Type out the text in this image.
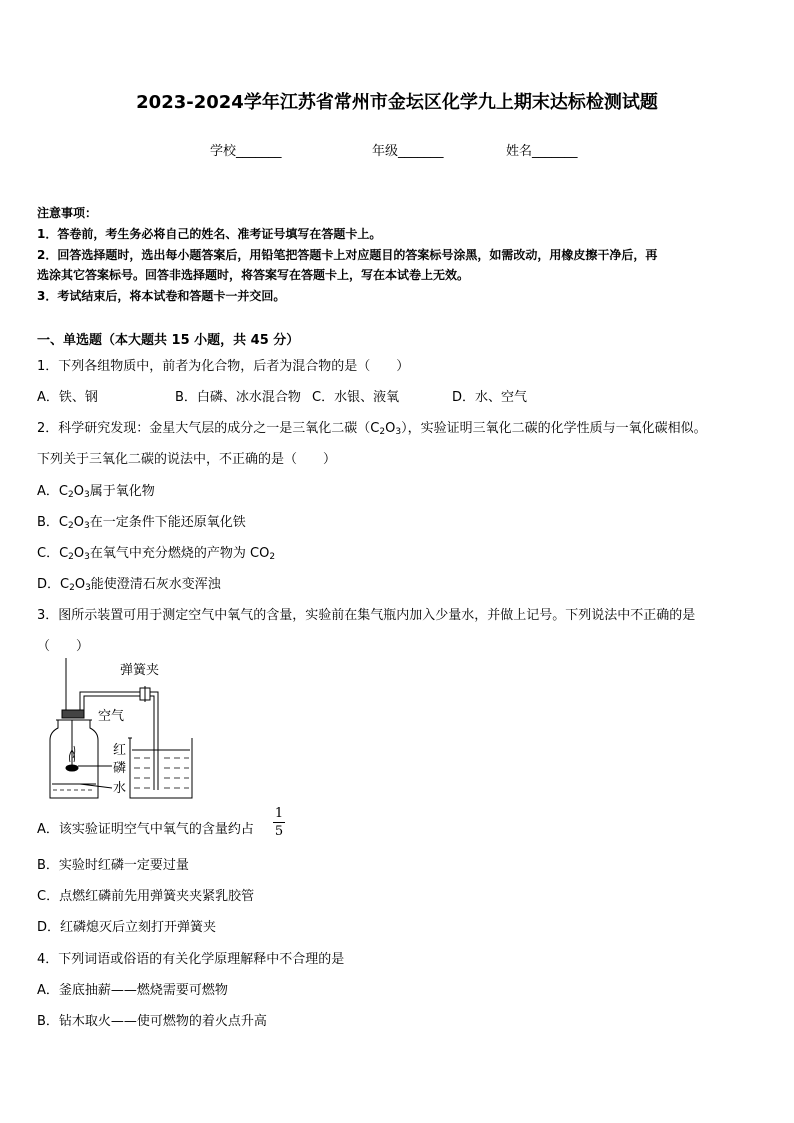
2023-2024学年江苏省常州市金坛区化学九上期末达标检测试题
学校_______	年级_______	姓名_______
注意事项：
1．答卷前，考生务必将自己的姓名、准考证号填写在答题卡上。
2．回答选择题时，选出每小题答案后，用铅笔把答题卡上对应题目的答案标号涂黑，如需改动，用橡皮擦干净后，再
选涂其它答案标号。回答非选择题时，将答案写在答题卡上，写在本试卷上无效。
3．考试结束后，将本试卷和答题卡一并交回。
一、单选题（本大题共 15 小题，共 45 分）
1．下列各组物质中，前者为化合物，后者为混合物的是（　　）
A．铁、钢	B．白磷、冰水混合物 C．水银、液氧	D．水、空气
2．科学研究发现：金星大气层的成分之一是三氧化二碳$(C_2O_3)$，实验证明三氧化二碳的化学性质与一氧化碳相似。
下列关于三氧化二碳的说法中，不正确的是（　　）
A．$C_2O_3$属于氧化物
B．$C_2O_3$在一定条件下能还原氧化铁
C．$C_2O_3$在氧气中充分燃烧的产物为 $CO_2$
D．$C_2O_3$能使澄清石灰水变浑浊
3．图所示装置可用于测定空气中氧气的含量，实验前在集气瓶内加入少量水，并做上记号。下列说法中不正确的是
（　　）
弹簧夹
空气
红
磷
水
A．该实验证明空气中氧气的含量约占
1
5
B．实验时红磷一定要过量
C．点燃红磷前先用弹簧夹夹紧乳胶管
D．红磷熄灭后立刻打开弹簧夹
4．下列词语或俗语的有关化学原理解释中不合理的是
A．釜底抽薪——燃烧需要可燃物
B．钻木取火——使可燃物的着火点升高
